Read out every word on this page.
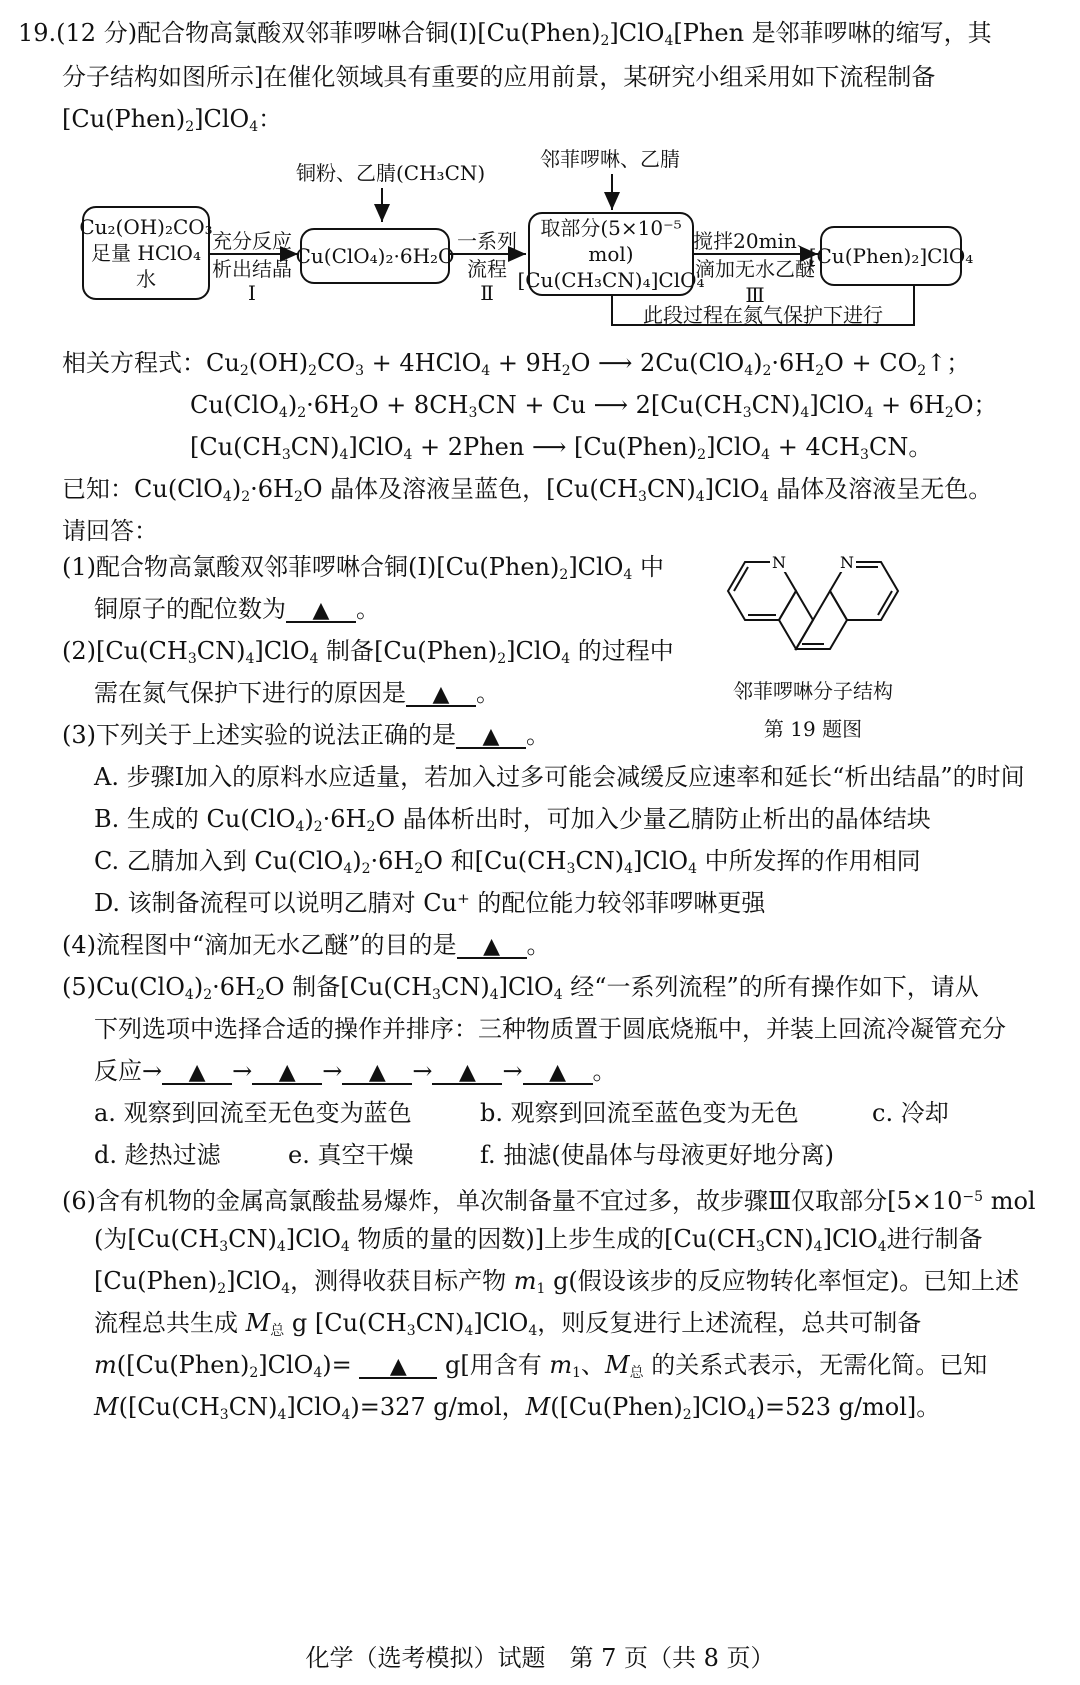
19.(12 分)配合物高氯酸双邻菲啰啉合铜$(Ⅰ)[Cu(Phen)_2]ClO_4[Phen$ 是邻菲啰啉的缩写，其
分子结构如图所示]在催化领域具有重要的应用前景，某研究小组采用如下流程制备
$[Cu(Phen)_2]ClO_4$：
铜粉、乙腈(CH₃CN)
邻菲啰啉、乙腈
Cu₂(OH)₂CO₃
足量 HClO₄
水
充分反应
析出结晶
Ⅰ
Cu(ClO₄)₂·6H₂O
一系列
流程
Ⅱ
取部分(5×10⁻⁵ mol)
[Cu(CH₃CN)₄]ClO₄
搅拌20min、
滴加无水乙醚
Ⅲ
[Cu(Phen)₂]ClO₄
此段过程在氮气保护下进行
相关方程式：$Cu_2(OH)_2CO_3$ + 4HClO$_4$ + $9H_2O$ ⟶ $2Cu(ClO_4)_2\cdot 6H_2O$ + $CO_2↑$；
$Cu(ClO_4)_2\cdot 6H_2O + 8CH_3CN + Cu$ ⟶ $2[Cu(CH_3CN)_4]ClO_4 + 6H_2O$；
$[Cu(CH_3CN)_4]ClO_4$ + 2Phen ⟶ $[Cu(Phen)_2]ClO_4 + 4CH_3CN$。
已知：$Cu(ClO_4)_2\cdot 6H_2O$ 晶体及溶液呈蓝色，$[Cu(CH_3CN)_4]ClO_4$ 晶体及溶液呈无色。
请回答：
N	N
邻菲啰啉分子结构
第 19 题图
(1)配合物高氯酸双邻菲啰啉合铜$(Ⅰ)[Cu(Phen)_2]ClO_4$ 中
铜原子的配位数为 ▲ 。
$(2)[Cu(CH_3CN)_4]ClO_4$ 制备$[Cu(Phen)_2]ClO_4$ 的过程中
需在氮气保护下进行的原因是 ▲ 。
(3)下列关于上述实验的说法正确的是 ▲ 。
A. 步骤Ⅰ加入的原料水应适量，若加入过多可能会减缓反应速率和延长“析出结晶”的时间
B. 生成的 $Cu(ClO_4)_2\cdot 6H_2O$ 晶体析出时，可加入少量乙腈防止析出的晶体结块
C. 乙腈加入到 $Cu(ClO_4)_2\cdot 6H_2O$ 和$[Cu(CH_3CN)_4]ClO_4$ 中所发挥的作用相同
D. 该制备流程可以说明乙腈对 Cu⁺ 的配位能力较邻菲啰啉更强
(4)流程图中“滴加无水乙醚”的目的是 ▲ 。
$(5)Cu(ClO_4)_2\cdot 6H_2O$ 制备$[Cu(CH_3CN)_4]ClO_4$ 经“一系列流程”的所有操作如下，请从
下列选项中选择合适的操作并排序：三种物质置于圆底烧瓶中，并装上回流冷凝管充分
反应→ ▲ → ▲ → ▲ → ▲ → ▲ 。
a. 观察到回流至无色变为蓝色	b. 观察到回流至蓝色变为无色	c. 冷却
d. 趁热过滤	e. 真空干燥	f. 抽滤(使晶体与母液更好地分离)
(6)含有机物的金属高氯酸盐易爆炸，单次制备量不宜过多，故步骤Ⅲ仅取部分[$5\times 10^{-5}$ mol
(为$[Cu(CH_3CN)_4]ClO_4$ 物质的量的因数)]上步生成的$[Cu(CH_3CN)_4]ClO_4$进行制备
$[Cu(Phen)_2]ClO_4$，测得收获目标产物 $m_1$ g(假设该步的反应物转化率恒定)。已知上述
流程总共生成 $M_总$ g $[Cu(CH_3CN)_4]ClO_4$，则反复进行上述流程，总共可制备
$m([Cu(Phen)_2]ClO_4)=$ ▲ g[用含有 $m_1$、$M_总$ 的关系式表示，无需化简。已知
$M([Cu(CH_3CN)_4]ClO_4)=327$ g/mol，$M([Cu(Phen)_2]ClO_4)=523$ g/mol]。
化学（选考模拟）试题　第 7 页（共 8 页）
